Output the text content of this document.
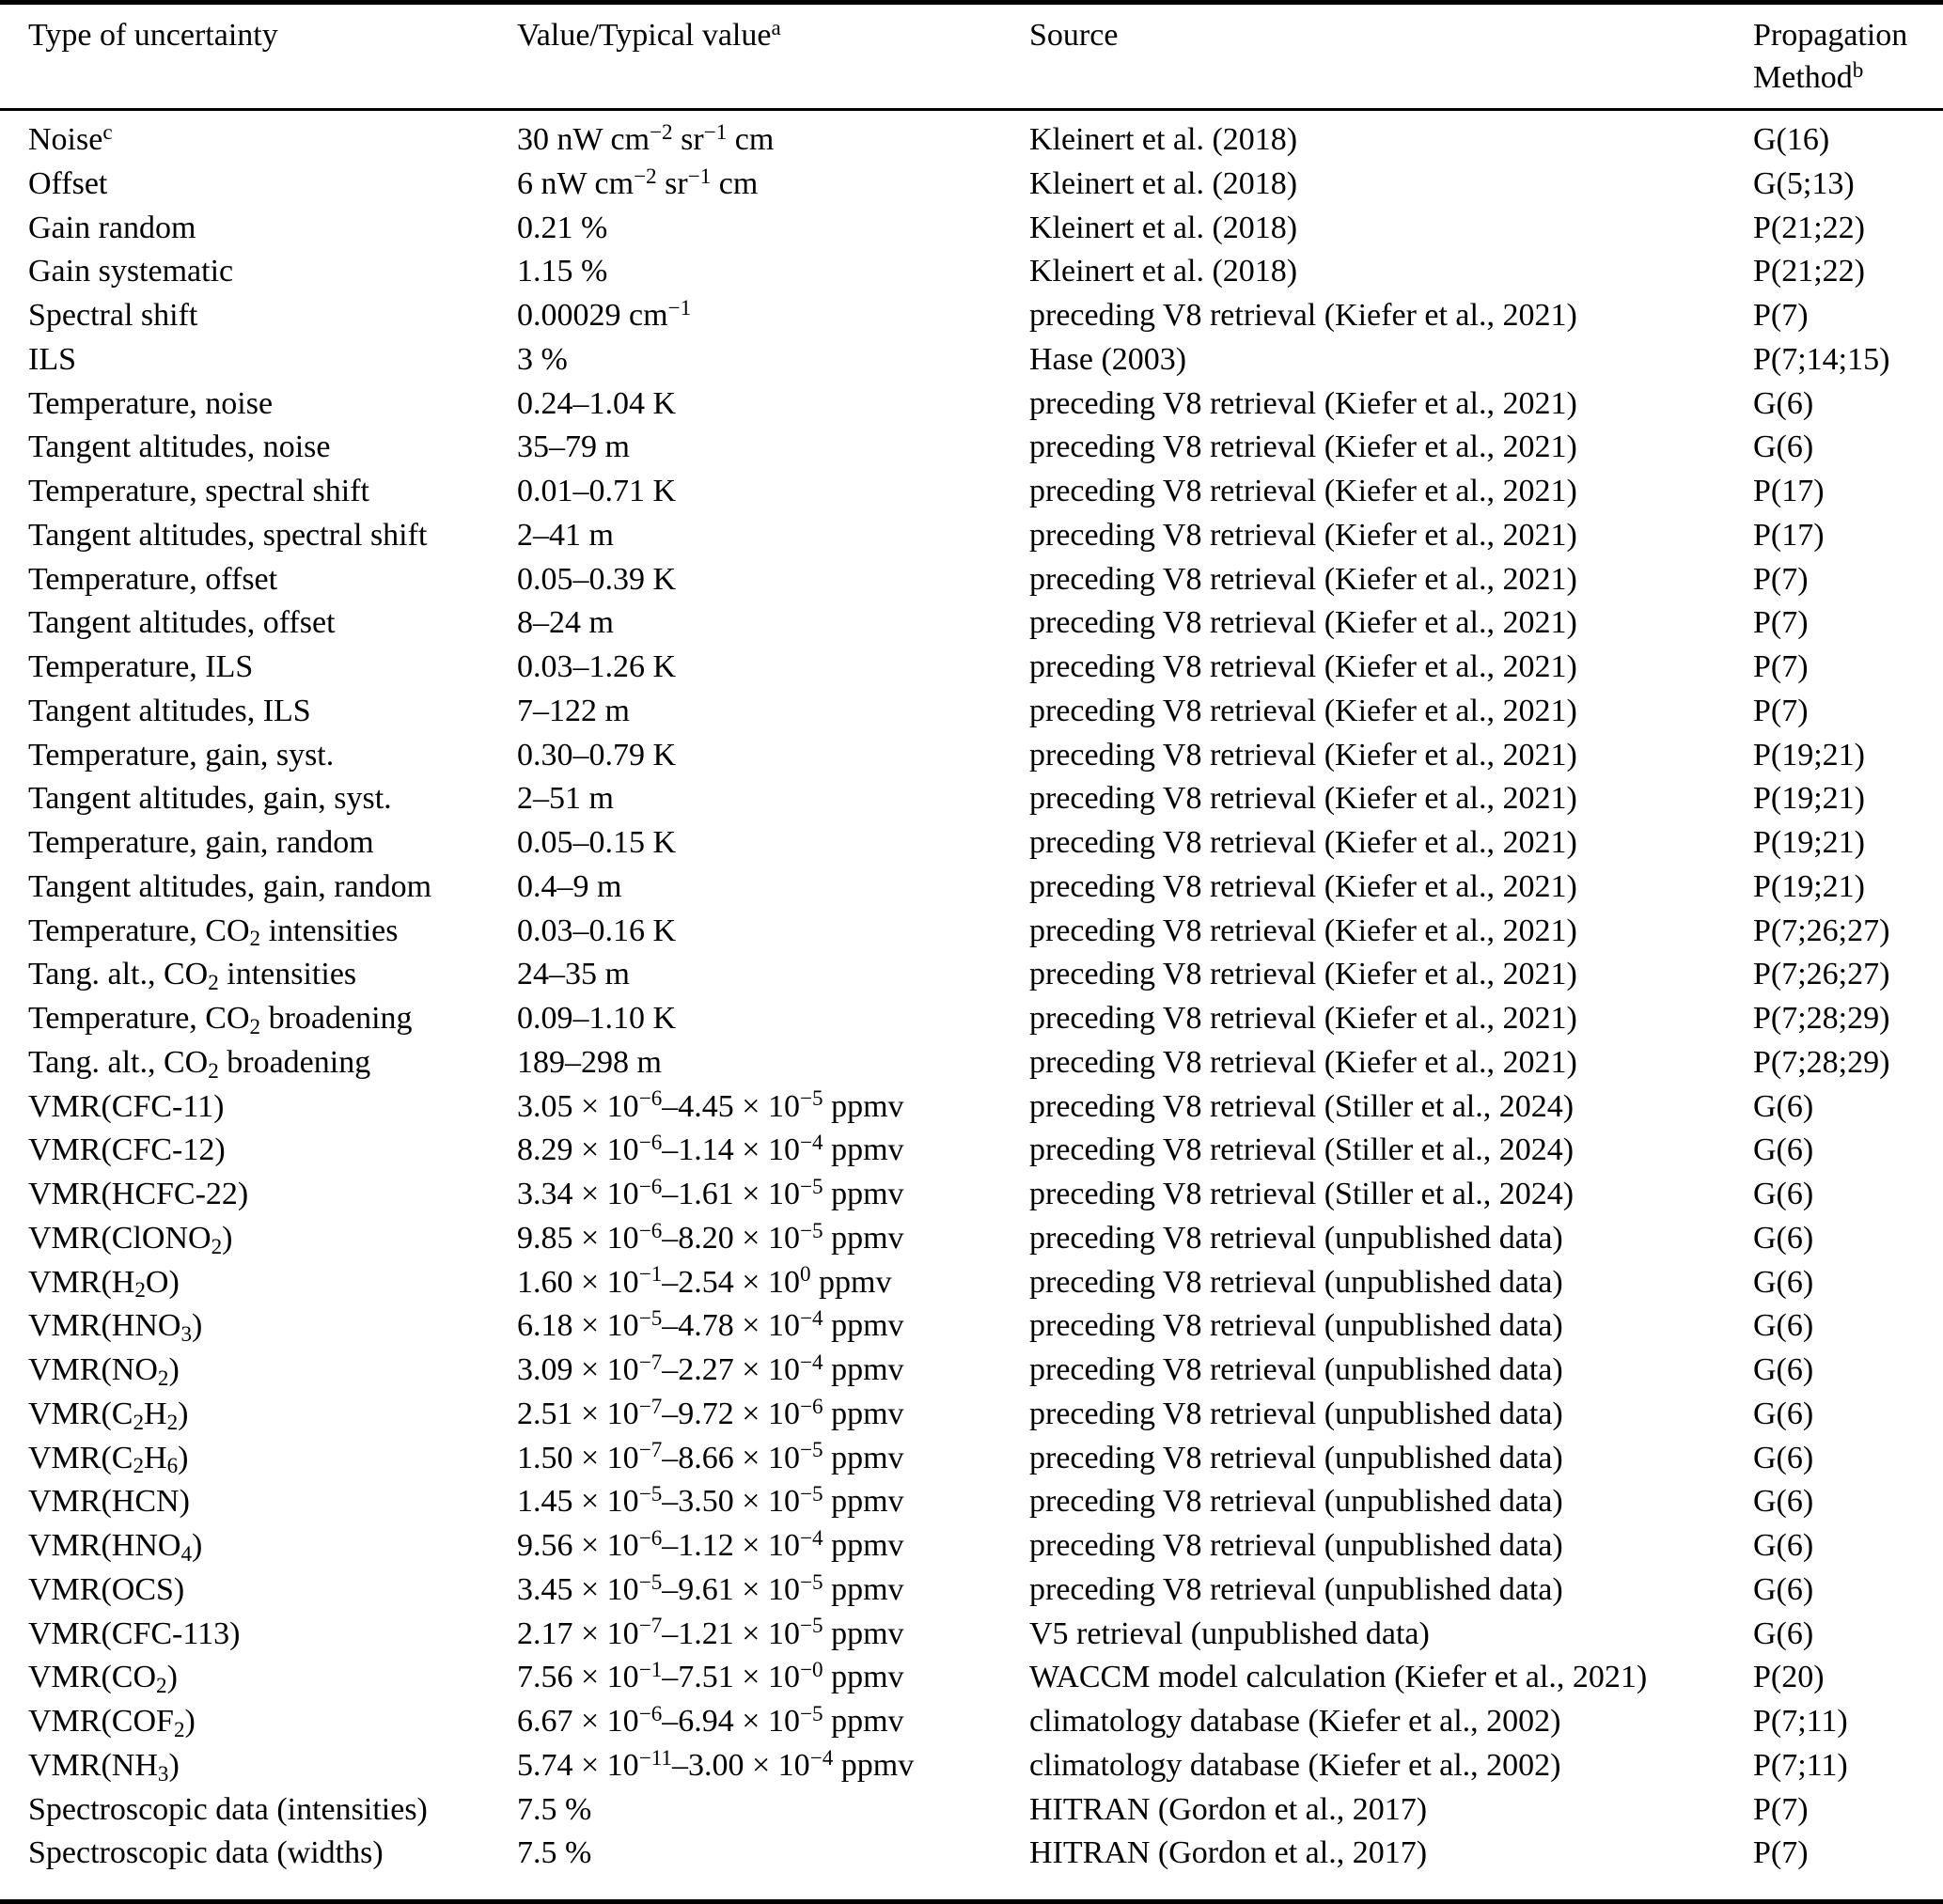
Type of uncertainty	Value/Typical value$^a$	Source	Propagation Method$^b$
Noise$^c$	30 nW $cm^{-2}$ $sr^{-1}$ cm	Kleinert et al. (2018)	G(16)
Offset	6 nW $cm^{-2}$ $sr^{-1}$ cm	Kleinert et al. (2018)	G(5;13)
Gain random	0.21 %	Kleinert et al. (2018)	P(21;22)
Gain systematic	1.15 %	Kleinert et al. (2018)	P(21;22)
Spectral shift	0.00029 $cm^{-1}$	preceding V8 retrieval (Kiefer et al., 2021)	P(7)
ILS	3 %	Hase (2003)	P(7;14;15)
Temperature, noise	0.24–1.04 K	preceding V8 retrieval (Kiefer et al., 2021)	G(6)
Tangent altitudes, noise	35–79 m	preceding V8 retrieval (Kiefer et al., 2021)	G(6)
Temperature, spectral shift	0.01–0.71 K	preceding V8 retrieval (Kiefer et al., 2021)	P(17)
Tangent altitudes, spectral shift	2–41 m	preceding V8 retrieval (Kiefer et al., 2021)	P(17)
Temperature, offset	0.05–0.39 K	preceding V8 retrieval (Kiefer et al., 2021)	P(7)
Tangent altitudes, offset	8–24 m	preceding V8 retrieval (Kiefer et al., 2021)	P(7)
Temperature, ILS	0.03–1.26 K	preceding V8 retrieval (Kiefer et al., 2021)	P(7)
Tangent altitudes, ILS	7–122 m	preceding V8 retrieval (Kiefer et al., 2021)	P(7)
Temperature, gain, syst.	0.30–0.79 K	preceding V8 retrieval (Kiefer et al., 2021)	P(19;21)
Tangent altitudes, gain, syst.	2–51 m	preceding V8 retrieval (Kiefer et al., 2021)	P(19;21)
Temperature, gain, random	0.05–0.15 K	preceding V8 retrieval (Kiefer et al., 2021)	P(19;21)
Tangent altitudes, gain, random	0.4–9 m	preceding V8 retrieval (Kiefer et al., 2021)	P(19;21)
Temperature, $CO_2$ intensities	0.03–0.16 K	preceding V8 retrieval (Kiefer et al., 2021)	P(7;26;27)
Tang. alt., $CO_2$ intensities	24–35 m	preceding V8 retrieval (Kiefer et al., 2021)	P(7;26;27)
Temperature, $CO_2$ broadening	0.09–1.10 K	preceding V8 retrieval (Kiefer et al., 2021)	P(7;28;29)
Tang. alt., $CO_2$ broadening	189–298 m	preceding V8 retrieval (Kiefer et al., 2021)	P(7;28;29)
VMR(CFC-11)	$3.05 \times 10^{-6}-4.45 \times 10^{-5}$ ppmv	preceding V8 retrieval (Stiller et al., 2024)	G(6)
VMR(CFC-12)	$8.29 \times 10^{-6}-1.14 \times 10^{-4}$ ppmv	preceding V8 retrieval (Stiller et al., 2024)	G(6)
VMR(HCFC-22)	$3.34 \times 10^{-6}-1.61 \times 10^{-5}$ ppmv	preceding V8 retrieval (Stiller et al., 2024)	G(6)
VMR(ClONO$_2$)	$9.85 \times 10^{-6}-8.20 \times 10^{-5}$ ppmv	preceding V8 retrieval (unpublished data)	G(6)
$VMR(H_2O)$	$1.60 \times 10^{-1}-2.54 \times 10^0$ ppmv	preceding V8 retrieval (unpublished data)	G(6)
$VMR(HNO_3)$	$6.18 \times 10^{-5}-4.78 \times 10^{-4}$ ppmv	preceding V8 retrieval (unpublished data)	G(6)
$VMR(NO_2)$	$3.09 \times 10^{-7}-2.27 \times 10^{-4}$ ppmv	preceding V8 retrieval (unpublished data)	G(6)
$VMR(C_2H_2)$	$2.51 \times 10^{-7}-9.72 \times 10^{-6}$ ppmv	preceding V8 retrieval (unpublished data)	G(6)
$VMR(C_2H_6)$	$1.50 \times 10^{-7}-8.66 \times 10^{-5}$ ppmv	preceding V8 retrieval (unpublished data)	G(6)
VMR(HCN)	$1.45 \times 10^{-5}-3.50 \times 10^{-5}$ ppmv	preceding V8 retrieval (unpublished data)	G(6)
$VMR(HNO_4)$	$9.56 \times 10^{-6}-1.12 \times 10^{-4}$ ppmv	preceding V8 retrieval (unpublished data)	G(6)
VMR(OCS)	$3.45 \times 10^{-5}-9.61 \times 10^{-5}$ ppmv	preceding V8 retrieval (unpublished data)	G(6)
VMR(CFC-113)	$2.17 \times 10^{-7}-1.21 \times 10^{-5}$ ppmv	V5 retrieval (unpublished data)	G(6)
$VMR(CO_2)$	$7.56 \times 10^{-1}-7.51 \times 10^{-0}$ ppmv	WACCM model calculation (Kiefer et al., 2021)	P(20)
$VMR(COF_2)$	$6.67 \times 10^{-6}-6.94 \times 10^{-5}$ ppmv	climatology database (Kiefer et al., 2002)	P(7;11)
$VMR(NH_3)$	$5.74 \times 10^{-11}-3.00 \times 10^{-4}$ ppmv	climatology database (Kiefer et al., 2002)	P(7;11)
Spectroscopic data (intensities)	7.5 %	HITRAN (Gordon et al., 2017)	P(7)
Spectroscopic data (widths)	7.5 %	HITRAN (Gordon et al., 2017)	P(7)
